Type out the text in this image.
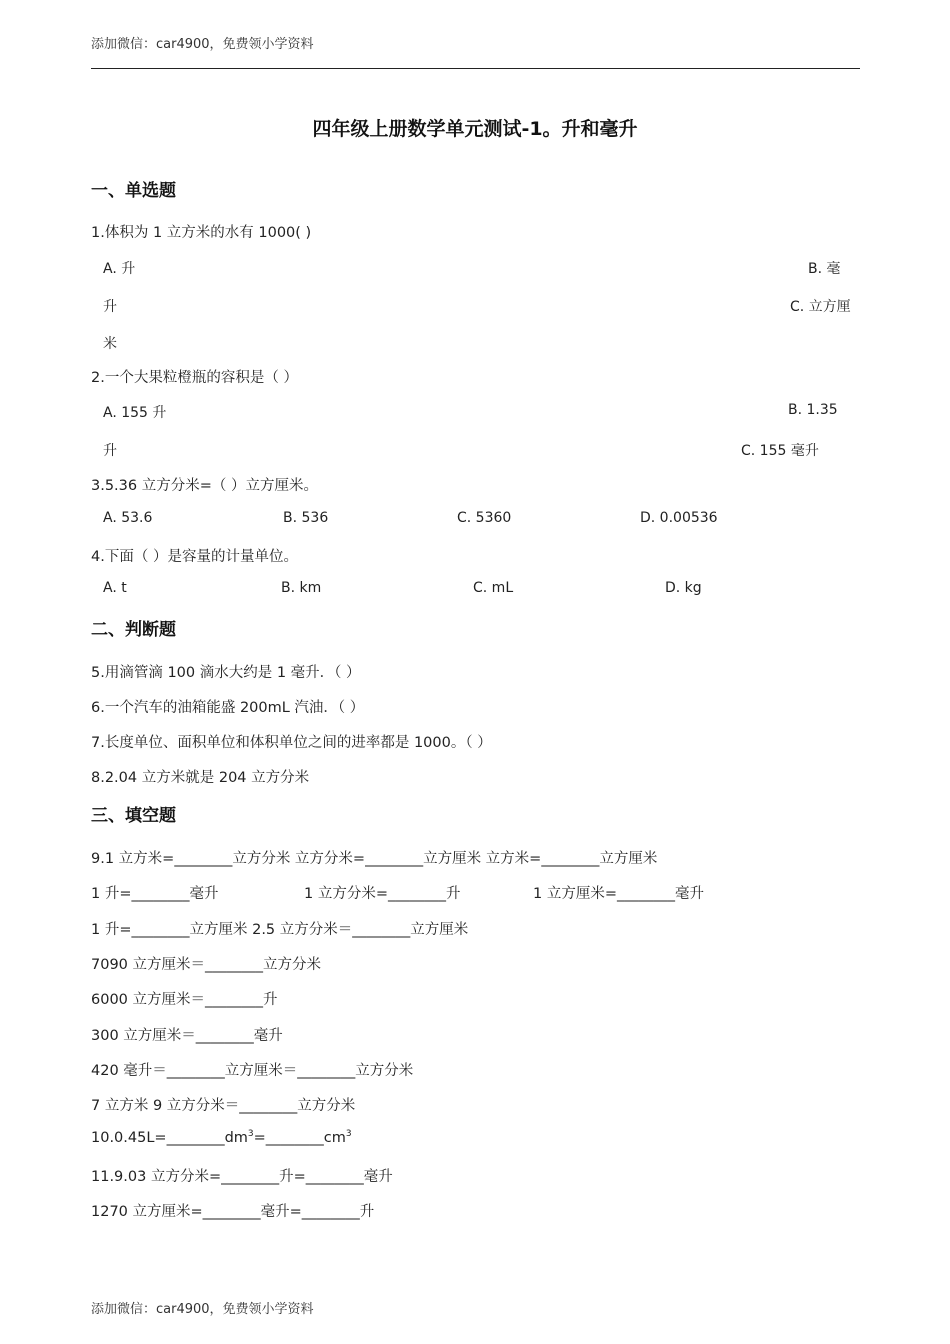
添加微信：car4900，免费领小学资料
四年级上册数学单元测试-1。升和毫升
一、单选题
1.体积为 1 立方米的水有 1000( )
A. 升	B. 毫
升	C. 立方厘
米
2.一个大果粒橙瓶的容积是（ ）
A. 155 升	B. 1.35
升	C. 155 毫升
3.5.36 立方分米=（ ）立方厘米。
A. 53.6	B. 536	C. 5360	D. 0.00536
4.下面（ ）是容量的计量单位。
A. t	B. km	C. mL	D. kg
二、判断题
5.用滴管滴 100 滴水大约是 1 毫升．（ ）
6.一个汽车的油箱能盛 200mL 汽油．（ ）
7.长度单位、面积单位和体积单位之间的进率都是 1000。（ ）
8.2.04 立方米就是 204 立方分米
三、填空题
9.1 立方米=________立方分米 立方分米=________立方厘米 立方米=________立方厘米
1 升=________毫升	1 立方分米=________升	1 立方厘米=________毫升
1 升=________立方厘米 2.5 立方分米＝________立方厘米
7090 立方厘米＝________立方分米
6000 立方厘米＝________升
300 立方厘米＝________毫升
420 毫升＝________立方厘米＝________立方分米
7 立方米 9 立方分米＝________立方分米
$10.0.45L=\_\_\_\_\_\_\_\_dm^3=\_\_\_\_\_\_\_\_cm^3$
11.9.03 立方分米=________升=________毫升
1270 立方厘米=________毫升=________升
添加微信：car4900，免费领小学资料
